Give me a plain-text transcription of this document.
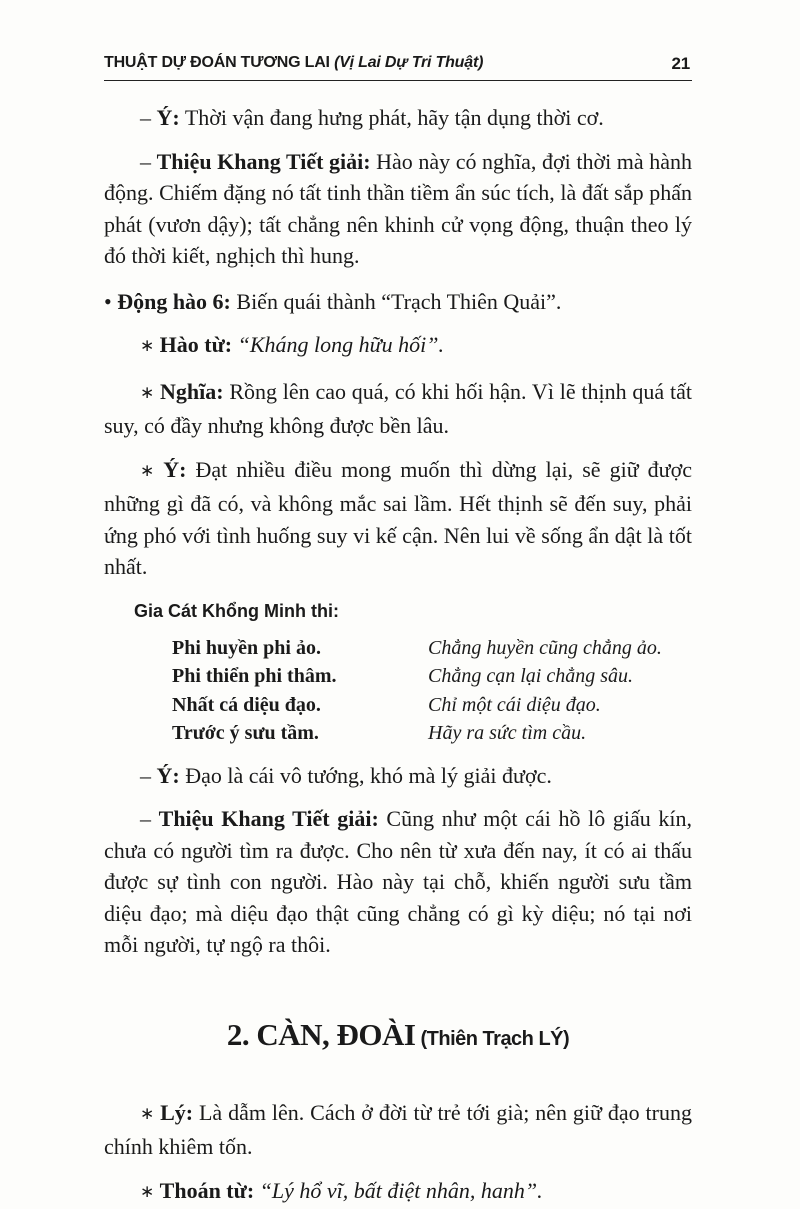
THUẬT DỰ ĐOÁN TƯƠNG LAI (Vị Lai Dự Tri Thuật)	21

– Ý: Thời vận đang hưng phát, hãy tận dụng thời cơ.

– Thiệu Khang Tiết giải: Hào này có nghĩa, đợi thời mà hành động. Chiếm đặng nó tất tinh thần tiềm ẩn súc tích, là đất sắp phấn phát (vươn dậy); tất chẳng nên khinh cử vọng động, thuận theo lý đó thời kiết, nghịch thì hung.

• Động hào 6: Biến quái thành “Trạch Thiên Quải”.

∗ Hào từ: “Kháng long hữu hối”.

∗ Nghĩa: Rồng lên cao quá, có khi hối hận. Vì lẽ thịnh quá tất suy, có đầy nhưng không được bền lâu.

∗ Ý: Đạt nhiều điều mong muốn thì dừng lại, sẽ giữ được những gì đã có, và không mắc sai lầm. Hết thịnh sẽ đến suy, phải ứng phó với tình huống suy vi kế cận. Nên lui về sống ẩn dật là tốt nhất.

Gia Cát Khổng Minh thi:
Phi huyền phi ảo.	Chẳng huyền cũng chẳng ảo.
Phi thiển phi thâm.	Chẳng cạn lại chẳng sâu.
Nhất cá diệu đạo.	Chỉ một cái diệu đạo.
Trước ý sưu tầm.	Hãy ra sức tìm cầu.

– Ý: Đạo là cái vô tướng, khó mà lý giải được.

– Thiệu Khang Tiết giải: Cũng như một cái hồ lô giấu kín, chưa có người tìm ra được. Cho nên từ xưa đến nay, ít có ai thấu được sự tình con người. Hào này tại chỗ, khiến người sưu tầm diệu đạo; mà diệu đạo thật cũng chẳng có gì kỳ diệu; nó tại nơi mỗi người, tự ngộ ra thôi.

2. CÀN, ĐOÀI (Thiên Trạch LÝ)

∗ Lý: Là dẫm lên. Cách ở đời từ trẻ tới già; nên giữ đạo trung chính khiêm tốn.

∗ Thoán từ: “Lý hổ vĩ, bất điệt nhân, hanh”.
